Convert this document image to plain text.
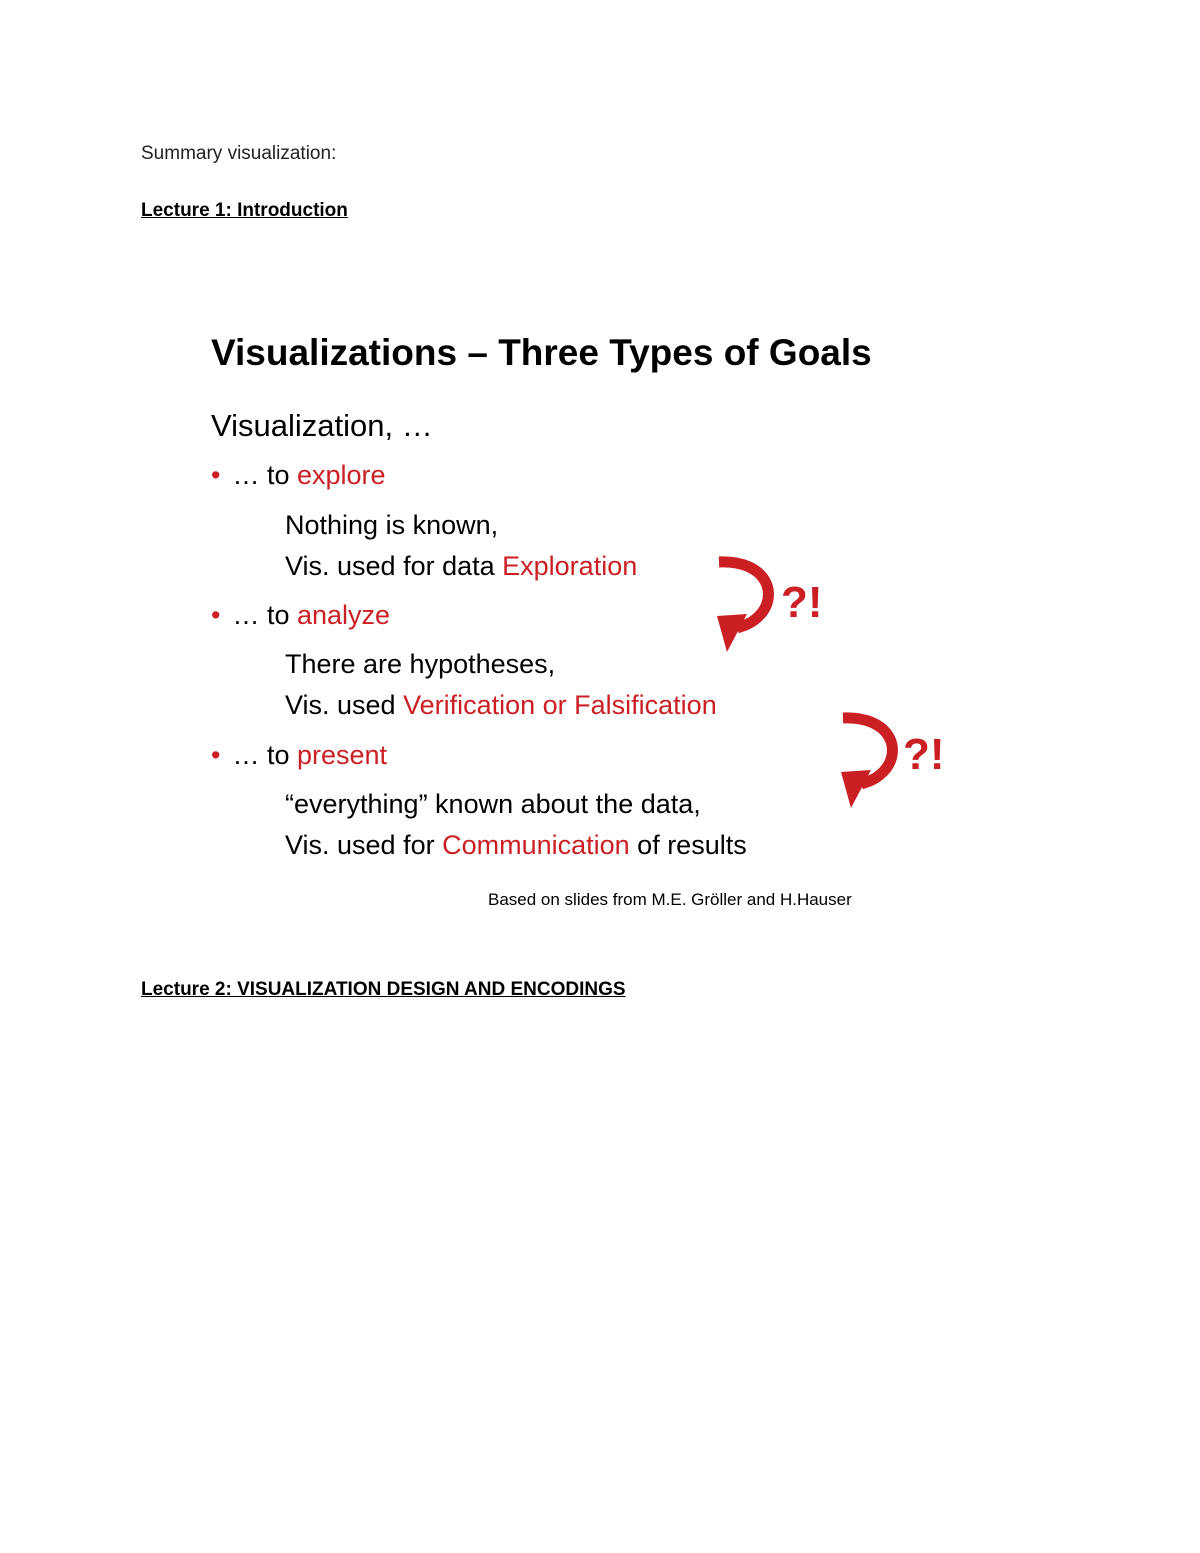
Summary visualization:
Lecture 1: Introduction
Visualizations – Three Types of Goals
Visualization, …
• … to explore
Nothing is known,
Vis. used for data Exploration
• … to analyze
There are hypotheses,
Vis. used Verification or Falsification
• … to present
“everything” known about the data,
Vis. used for Communication of results
?!
?!
Based on slides from M.E. Gröller and H.Hauser
Lecture 2: VISUALIZATION DESIGN AND ENCODINGS
